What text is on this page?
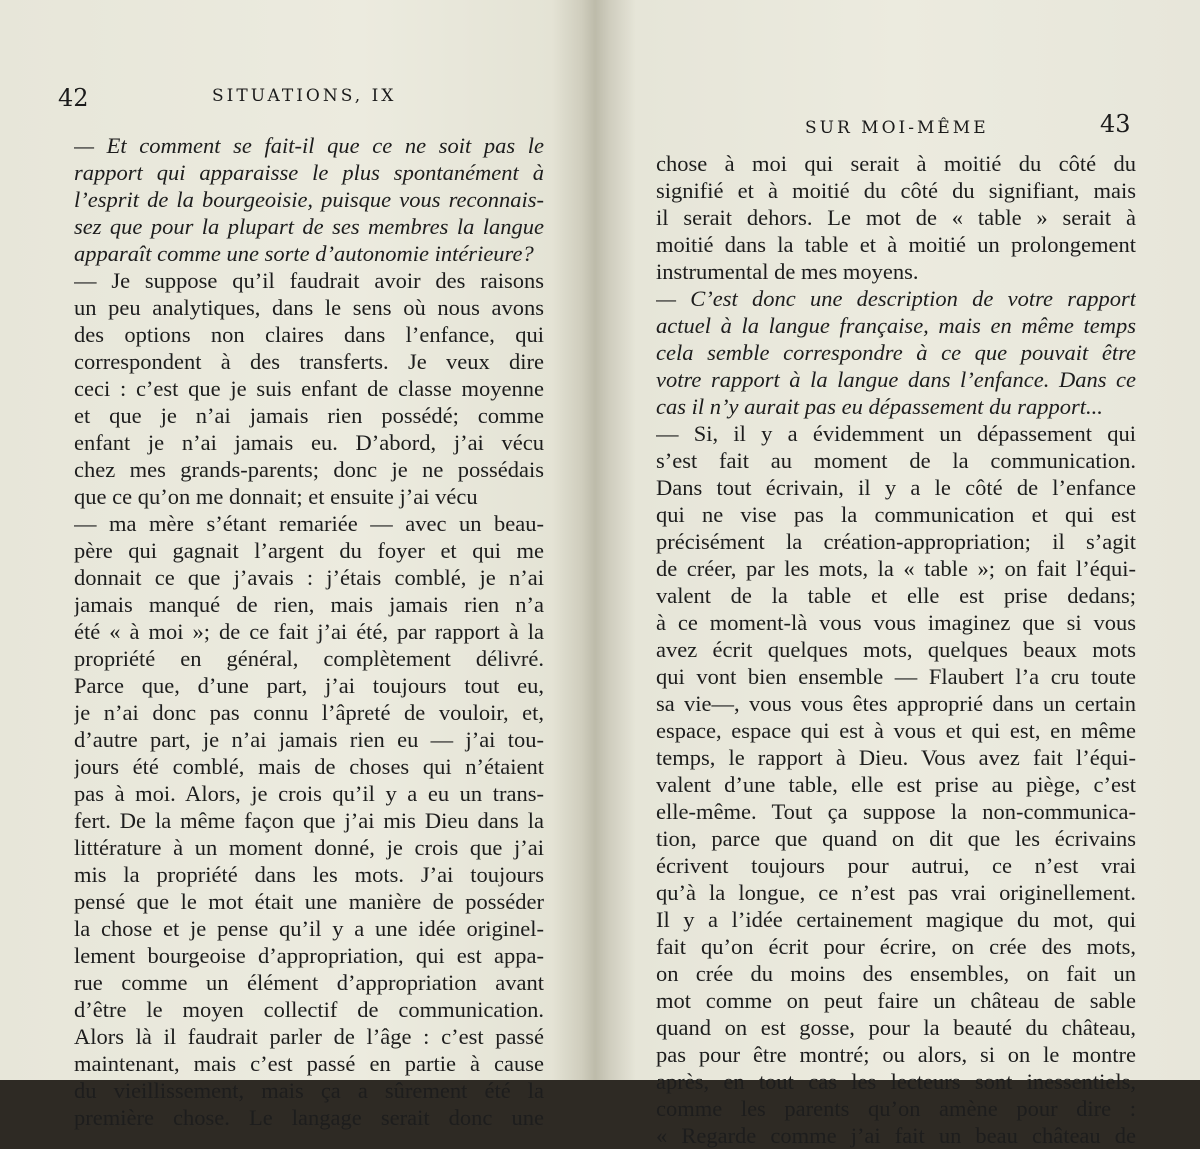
42	SITUATIONS, IX
— Et comment se fait-il que ce ne soit pas le
rapport qui apparaisse le plus spontanément à
l’esprit de la bourgeoisie, puisque vous reconnais-
sez que pour la plupart de ses membres la langue
apparaît comme une sorte d’autonomie intérieure?
— Je suppose qu’il faudrait avoir des raisons
un peu analytiques, dans le sens où nous avons
des options non claires dans l’enfance, qui
correspondent à des transferts. Je veux dire
ceci : c’est que je suis enfant de classe moyenne
et que je n’ai jamais rien possédé; comme
enfant je n’ai jamais eu. D’abord, j’ai vécu
chez mes grands-parents; donc je ne possédais
que ce qu’on me donnait; et ensuite j’ai vécu
— ma mère s’étant remariée — avec un beau-
père qui gagnait l’argent du foyer et qui me
donnait ce que j’avais : j’étais comblé, je n’ai
jamais manqué de rien, mais jamais rien n’a
été « à moi »; de ce fait j’ai été, par rapport à la
propriété en général, complètement délivré.
Parce que, d’une part, j’ai toujours tout eu,
je n’ai donc pas connu l’âpreté de vouloir, et,
d’autre part, je n’ai jamais rien eu — j’ai tou-
jours été comblé, mais de choses qui n’étaient
pas à moi. Alors, je crois qu’il y a eu un trans-
fert. De la même façon que j’ai mis Dieu dans la
littérature à un moment donné, je crois que j’ai
mis la propriété dans les mots. J’ai toujours
pensé que le mot était une manière de posséder
la chose et je pense qu’il y a une idée originel-
lement bourgeoise d’appropriation, qui est appa-
rue comme un élément d’appropriation avant
d’être le moyen collectif de communication.
Alors là il faudrait parler de l’âge : c’est passé
maintenant, mais c’est passé en partie à cause
du vieillissement, mais ça a sûrement été la
première chose. Le langage serait donc une
SUR MOI-MÊME	43
chose à moi qui serait à moitié du côté du
signifié et à moitié du côté du signifiant, mais
il serait dehors. Le mot de « table » serait à
moitié dans la table et à moitié un prolongement
instrumental de mes moyens.
— C’est donc une description de votre rapport
actuel à la langue française, mais en même temps
cela semble correspondre à ce que pouvait être
votre rapport à la langue dans l’enfance. Dans ce
cas il n’y aurait pas eu dépassement du rapport...
— Si, il y a évidemment un dépassement qui
s’est fait au moment de la communication.
Dans tout écrivain, il y a le côté de l’enfance
qui ne vise pas la communication et qui est
précisément la création-appropriation; il s’agit
de créer, par les mots, la « table »; on fait l’équi-
valent de la table et elle est prise dedans;
à ce moment-là vous vous imaginez que si vous
avez écrit quelques mots, quelques beaux mots
qui vont bien ensemble — Flaubert l’a cru toute
sa vie—, vous vous êtes approprié dans un certain
espace, espace qui est à vous et qui est, en même
temps, le rapport à Dieu. Vous avez fait l’équi-
valent d’une table, elle est prise au piège, c’est
elle-même. Tout ça suppose la non-communica-
tion, parce que quand on dit que les écrivains
écrivent toujours pour autrui, ce n’est vrai
qu’à la longue, ce n’est pas vrai originellement.
Il y a l’idée certainement magique du mot, qui
fait qu’on écrit pour écrire, on crée des mots,
on crée du moins des ensembles, on fait un
mot comme on peut faire un château de sable
quand on est gosse, pour la beauté du château,
pas pour être montré; ou alors, si on le montre
après, en tout cas les lecteurs sont inessentiels,
comme les parents qu’on amène pour dire :
« Regarde comme j’ai fait un beau château de
